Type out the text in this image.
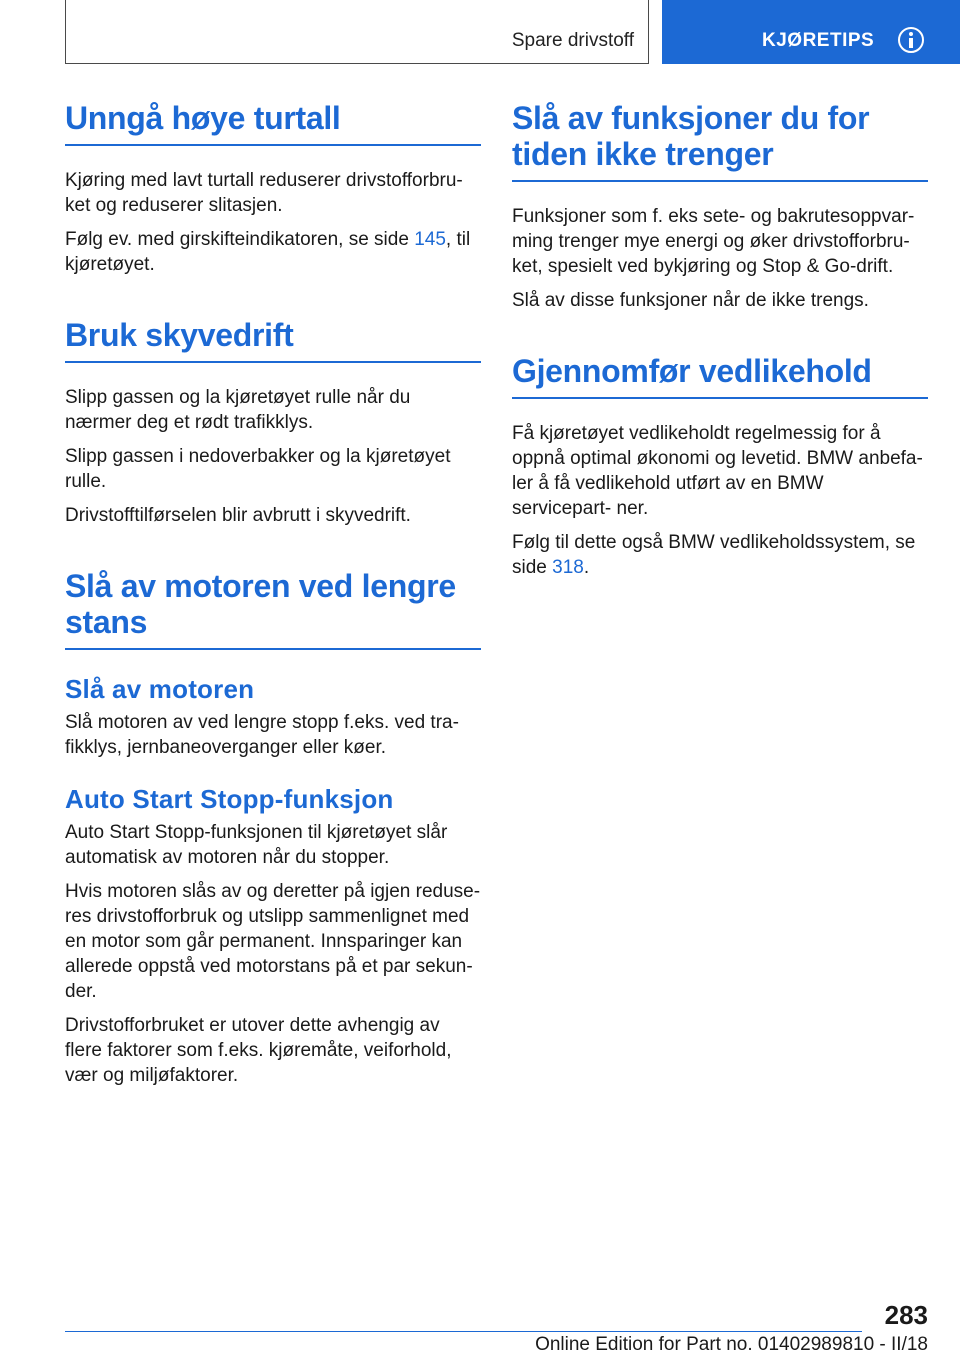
Spare drivstoff	KJØRETIPS
Unngå høye turtall

Kjøring med lavt turtall reduserer drivstofforbru‐ ket og reduserer slitasjen.

Følg ev. med girskifteindikatoren, se side 145, til kjøretøyet.

Bruk skyvedrift

Slipp gassen og la kjøretøyet rulle når du nærmer deg et rødt trafikklys.

Slipp gassen i nedoverbakker og la kjøretøyet rulle.

Drivstofftilførselen blir avbrutt i skyvedrift.

Slå av motoren ved lengre stans
Slå av motoren

Slå motoren av ved lengre stopp f.eks. ved tra‐ fikklys, jernbaneoverganger eller køer.

Auto Start Stopp-funksjon

Auto Start Stopp-funksjonen til kjøretøyet slår automatisk av motoren når du stopper.

Hvis motoren slås av og deretter på igjen reduse‐ res drivstofforbruk og utslipp sammenlignet med en motor som går permanent. Innsparinger kan allerede oppstå ved motorstans på et par sekun‐ der.

Drivstofforbruket er utover dette avhengig av flere faktorer som f.eks. kjøremåte, veiforhold, vær og miljøfaktorer.

Slå av funksjoner du for tiden ikke trenger

Funksjoner som f. eks sete- og bakrutesoppvar‐ ming trenger mye energi og øker drivstofforbru‐ ket, spesielt ved bykjøring og Stop & Go-drift.

Slå av disse funksjoner når de ikke trengs.

Gjennomfør vedlikehold

Få kjøretøyet vedlikeholdt regelmessig for å oppnå optimal økonomi og levetid. BMW anbefa‐ ler å få vedlikehold utført av en BMW servicepart‐ ner.

Følg til dette også BMW vedlikeholdssystem, se side 318.

283
Online Edition for Part no. 01402989810 - II/18
